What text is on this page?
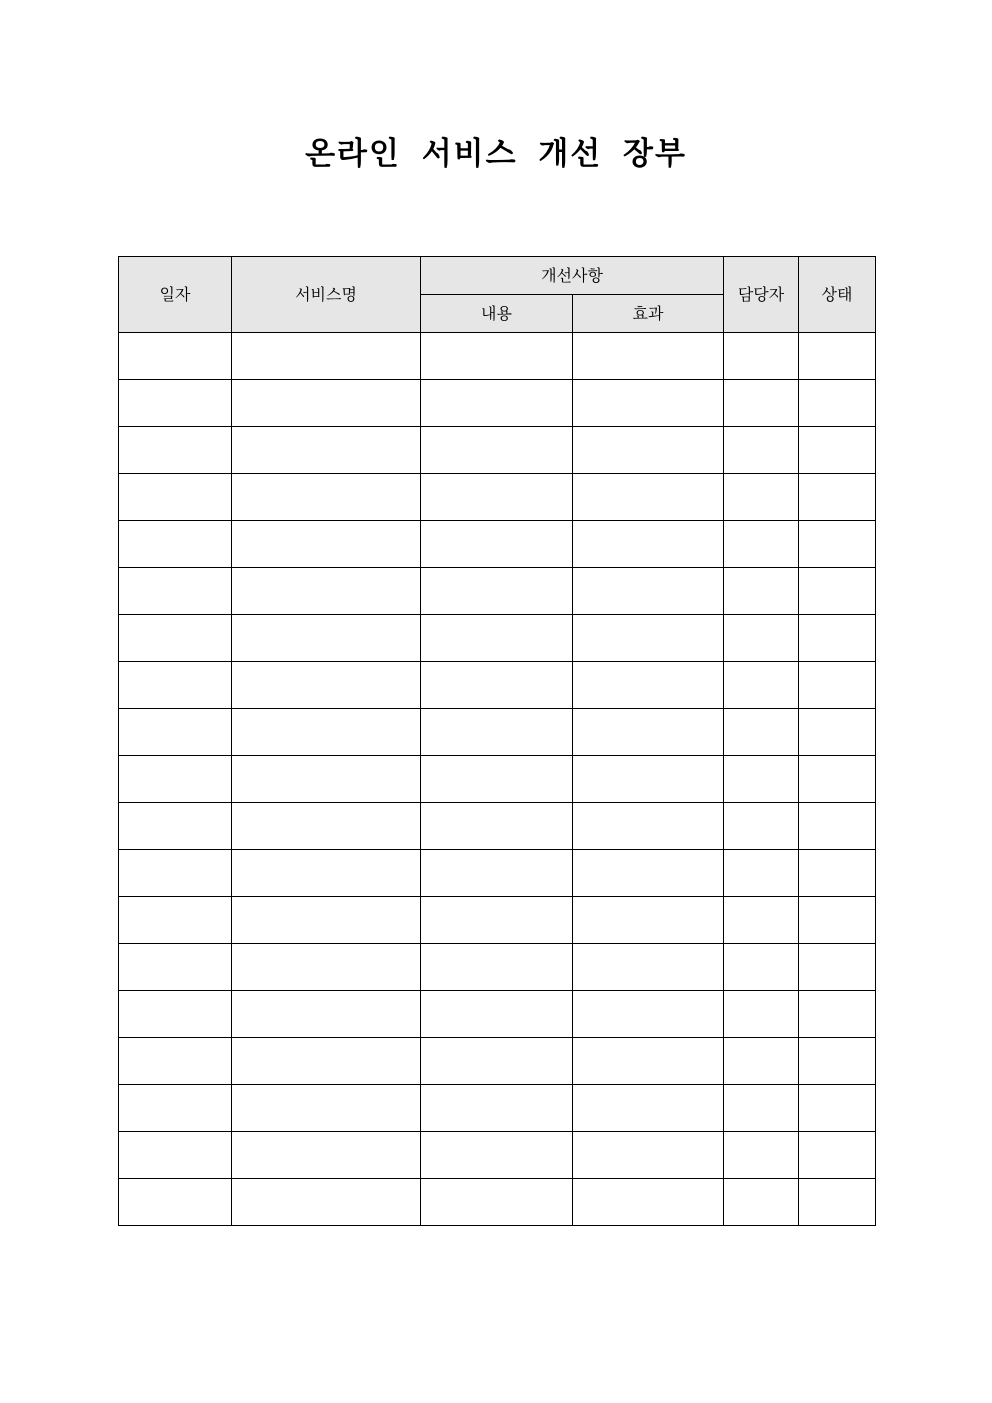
온라인 서비스 개선 장부
일자	서비스명	개선사항		담당자	상태
		내용	효과		
